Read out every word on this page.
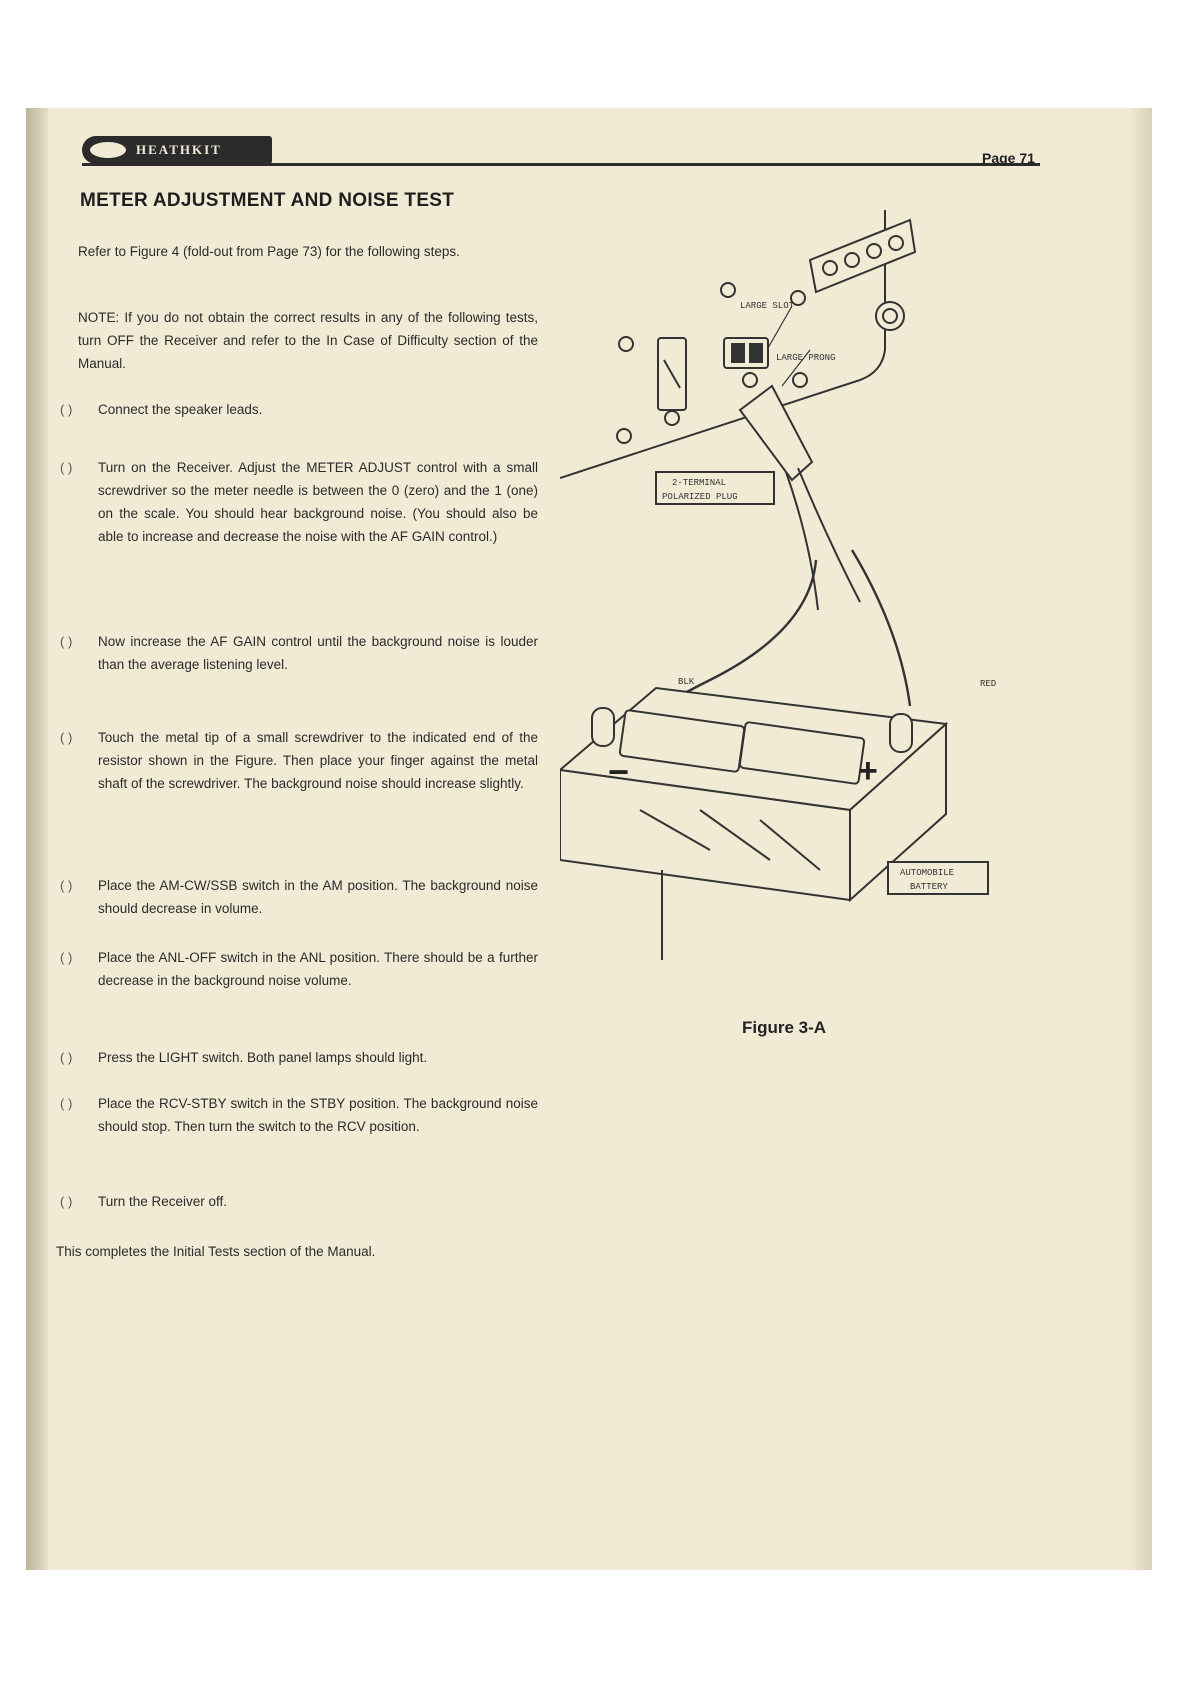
HEATHKIT
Page 71
METER ADJUSTMENT AND NOISE TEST

Refer to Figure 4 (fold-out from Page 73) for the following steps.

NOTE: If you do not obtain the correct results in any of the following tests, turn OFF the Receiver and refer to the In Case of Difficulty section of the Manual.

( )	Connect the speaker leads.
( )	Turn on the Receiver. Adjust the METER ADJUST control with a small screwdriver so the meter needle is between the 0 (zero) and the 1 (one) on the scale. You should hear background noise. (You should also be able to increase and decrease the noise with the AF GAIN control.)
( )	Now increase the AF GAIN control until the background noise is louder than the average listening level.
( )	Touch the metal tip of a small screwdriver to the indicated end of the resistor shown in the Figure. Then place your finger against the metal shaft of the screwdriver. The background noise should increase slightly.
( )	Place the AM-CW/SSB switch in the AM position. The background noise should decrease in volume.
( )	Place the ANL-OFF switch in the ANL position. There should be a further decrease in the background noise volume.
( )	Press the LIGHT switch. Both panel lamps should light.
( )	Place the RCV-STBY switch in the STBY position. The background noise should stop. Then turn the switch to the RCV position.
( )	Turn the Receiver off.
This completes the Initial Tests section of the Manual.
LARGE SLOT
LARGE PRONG
2-TERMINAL
POLARIZED PLUG
BLK	RED
−	+
AUTOMOBILE
BATTERY
Figure 3-A
